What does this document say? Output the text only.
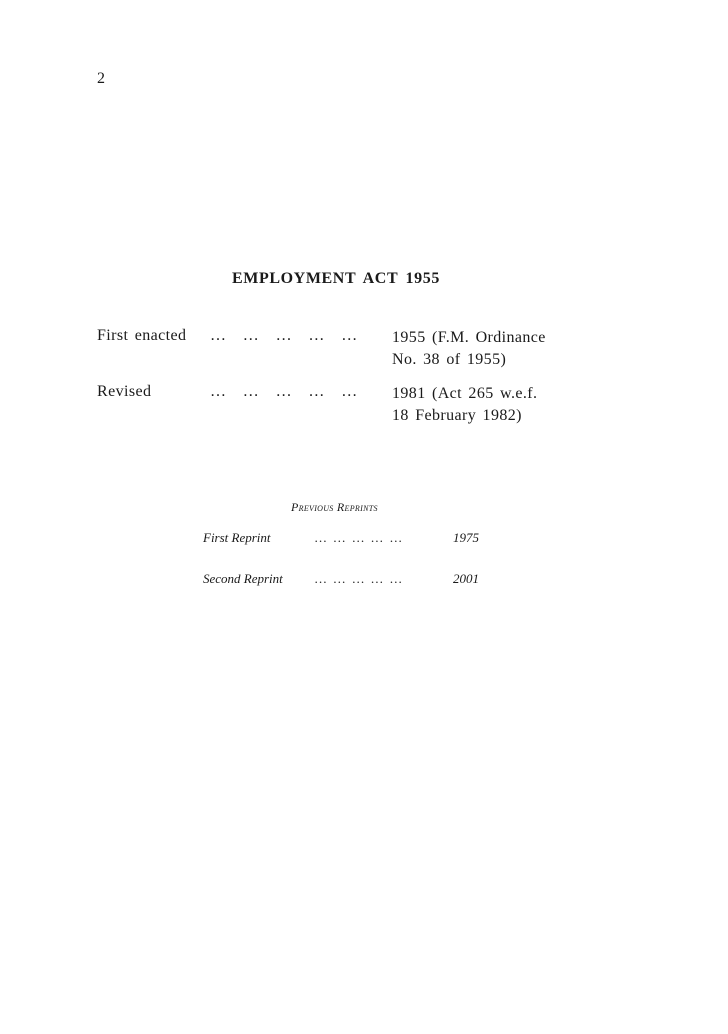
2
EMPLOYMENT ACT 1955
First enacted … … … … … 1955 (F.M. Ordinance
No. 38 of 1955)
Revised	… … … … … 1981 (Act 265 w.e.f.
18 February 1982)
Previous Reprints
First Reprint	… … … … …	1975
Second Reprint … … … … …	2001
